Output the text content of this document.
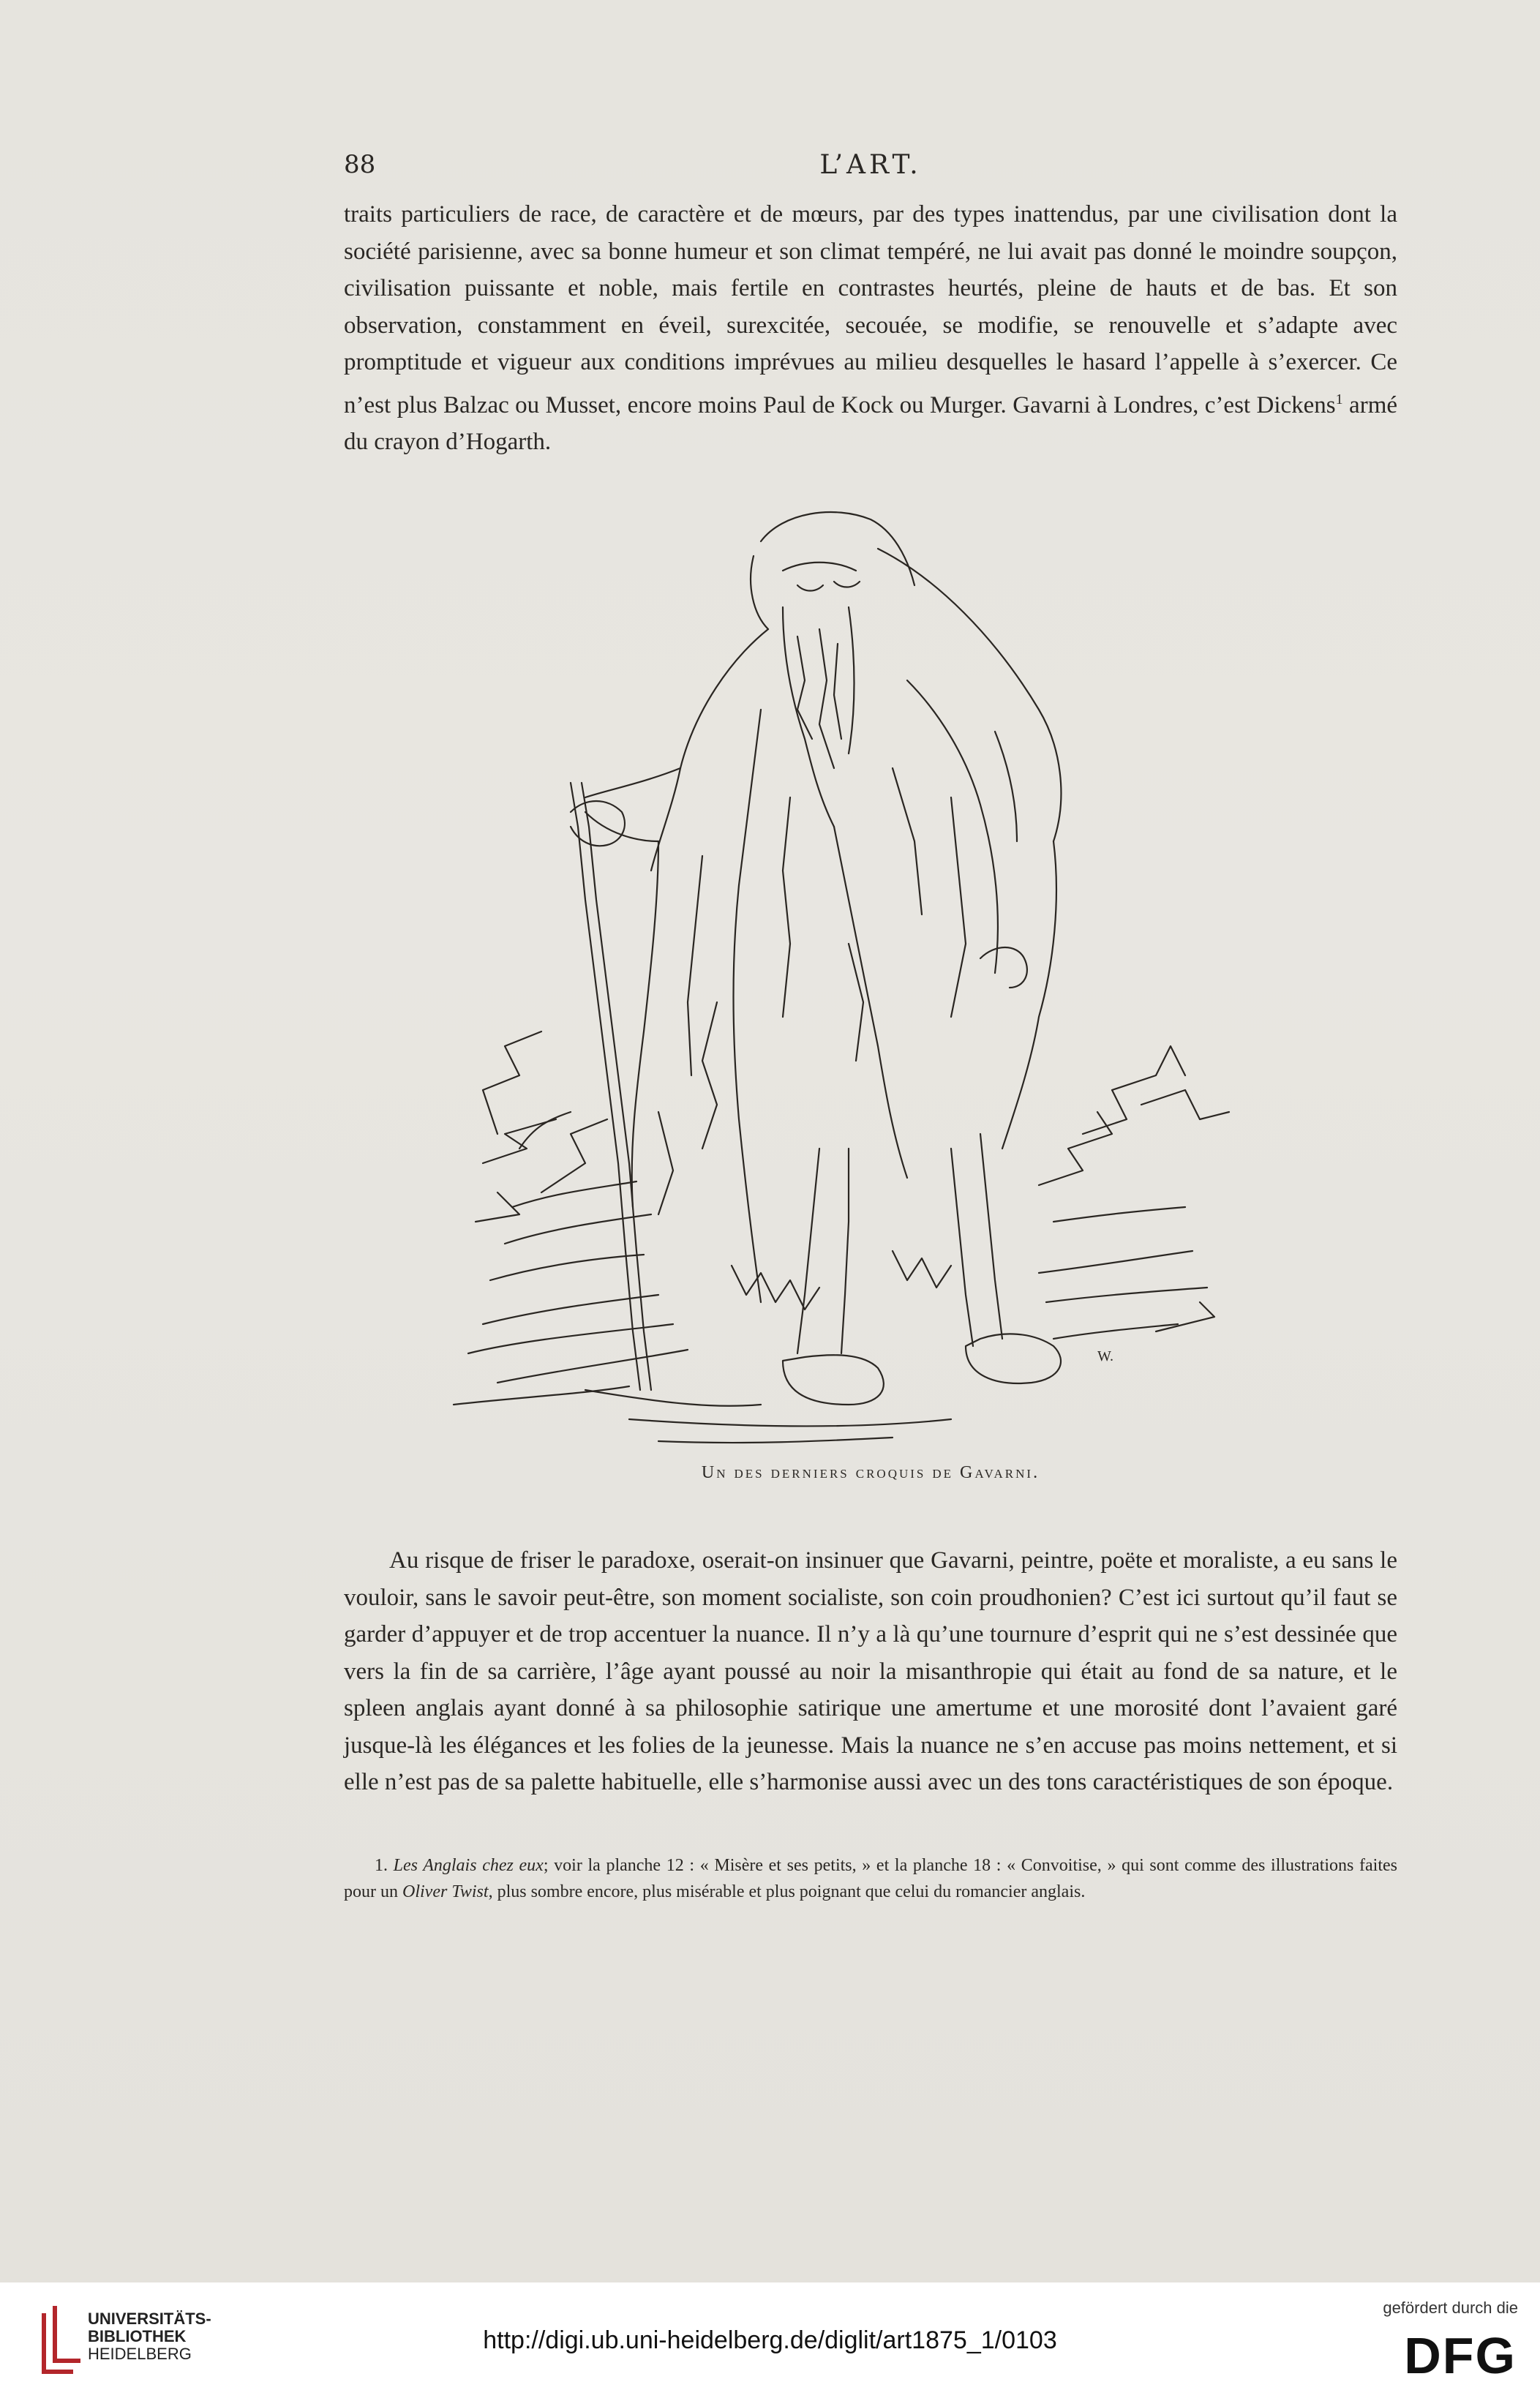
88	L’ART.

traits particuliers de race, de caractère et de mœurs, par des types inattendus, par une civilisation dont la société parisienne, avec sa bonne humeur et son climat tempéré, ne lui avait pas donné le moindre soupçon, civilisation puissante et noble, mais fertile en contrastes heurtés, pleine de hauts et de bas. Et son observation, constamment en éveil, surexcitée, secouée, se modifie, se renouvelle et s’adapte avec promptitude et vigueur aux conditions imprévues au milieu desquelles le hasard l’appelle à s’exercer. Ce n’est plus Balzac ou Musset, encore moins Paul de Kock ou Murger. Gavarni à Londres, c’est Dickens$^1$ armé du crayon d’Hogarth.

W.
Un des derniers croquis de Gavarni.

Au risque de friser le paradoxe, oserait-on insinuer que Gavarni, peintre, poëte et moraliste, a eu sans le vouloir, sans le savoir peut-être, son moment socialiste, son coin proudhonien? C’est ici surtout qu’il faut se garder d’appuyer et de trop accentuer la nuance. Il n’y a là qu’une tournure d’esprit qui ne s’est dessinée que vers la fin de sa carrière, l’âge ayant poussé au noir la misanthropie qui était au fond de sa nature, et le spleen anglais ayant donné à sa philosophie satirique une amertume et une morosité dont l’avaient garé jusque-là les élégances et les folies de la jeunesse. Mais la nuance ne s’en accuse pas moins nettement, et si elle n’est pas de sa palette habituelle, elle s’harmonise aussi avec un des tons caractéristiques de son époque.

1. Les Anglais chez eux; voir la planche 12 : « Misère et ses petits, » et la planche 18 : « Convoitise, » qui sont comme des illustrations faites pour un Oliver Twist, plus sombre encore, plus misérable et plus poignant que celui du romancier anglais.

UNIVERSITÄTS-
BIBLIOTHEK
HEIDELBERG	http://digi.ub.uni-heidelberg.de/diglit/art1875_1/0103
gefördert durch die
DFG
